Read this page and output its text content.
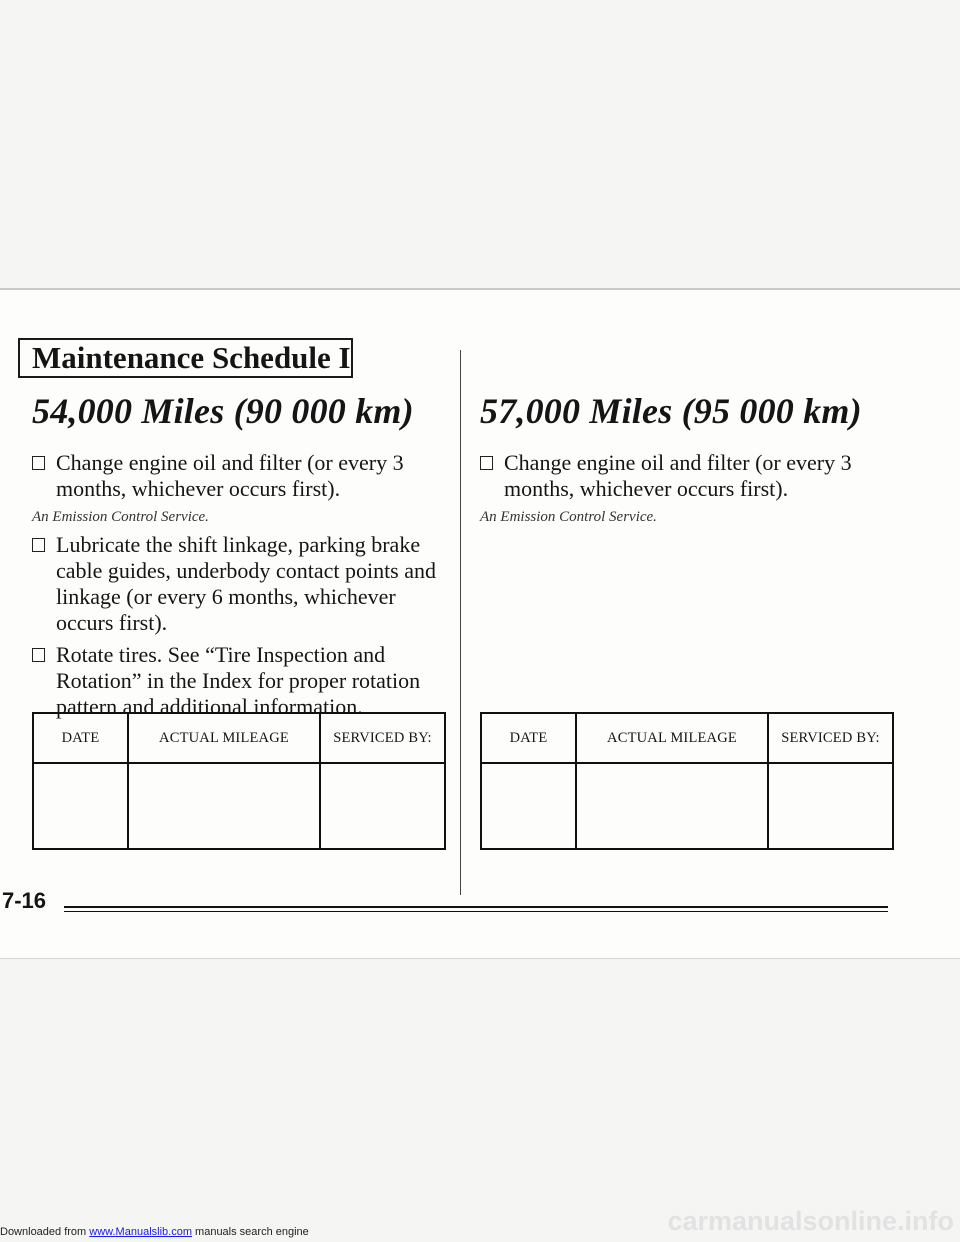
Maintenance Schedule I
54,000 Miles (90 000 km)
Change engine oil and filter (or every 3 months, whichever occurs first).
An Emission Control Service.
Lubricate the shift linkage, parking brake cable guides, underbody contact points and linkage (or every 6 months, whichever occurs first).
Rotate tires. See “Tire Inspection and Rotation” in the Index for proper rotation pattern and additional information.
DATE	ACTUAL MILEAGE	SERVICED BY:

57,000 Miles (95 000 km)
Change engine oil and filter (or every 3 months, whichever occurs first).
An Emission Control Service.
DATE	ACTUAL MILEAGE	SERVICED BY:

7-16
Downloaded from www.Manualslib.com manuals search engine	carmanualsonline.info
